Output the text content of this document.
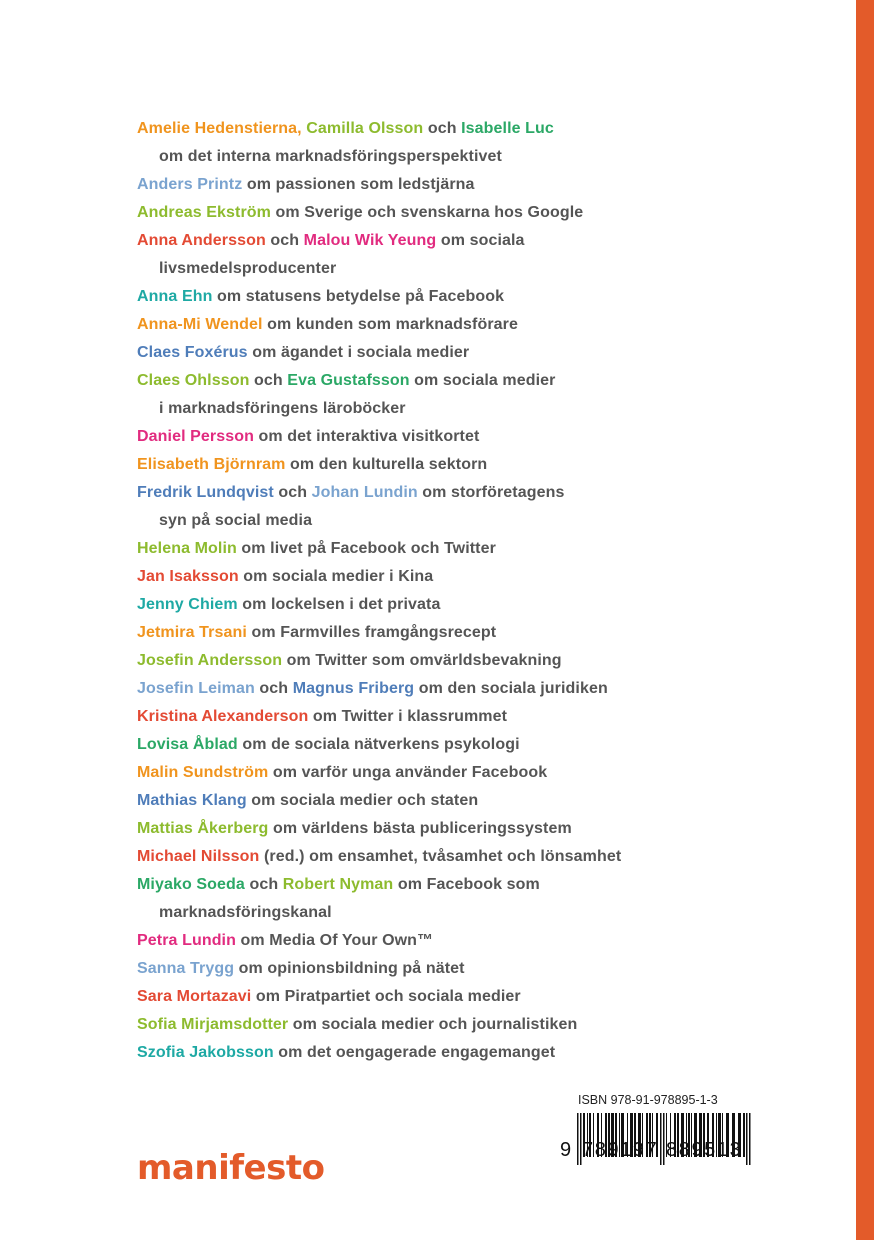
Amelie Hedenstierna, Camilla Olsson och Isabelle Luc
om det interna marknadsföringsperspektivet
Anders Printz om passionen som ledstjärna
Andreas Ekström om Sverige och svenskarna hos Google
Anna Andersson och Malou Wik Yeung om sociala
livsmedelsproducenter
Anna Ehn om statusens betydelse på Facebook
Anna-Mi Wendel om kunden som marknadsförare
Claes Foxérus om ägandet i sociala medier
Claes Ohlsson och Eva Gustafsson om sociala medier
i marknadsföringens läroböcker
Daniel Persson om det interaktiva visitkortet
Elisabeth Björnram om den kulturella sektorn
Fredrik Lundqvist och Johan Lundin om storföretagens
syn på social media
Helena Molin om livet på Facebook och Twitter
Jan Isaksson om sociala medier i Kina
Jenny Chiem om lockelsen i det privata
Jetmira Trsani om Farmvilles framgångsrecept
Josefin Andersson om Twitter som omvärldsbevakning
Josefin Leiman och Magnus Friberg om den sociala juridiken
Kristina Alexanderson om Twitter i klassrummet
Lovisa Åblad om de sociala nätverkens psykologi
Malin Sundström om varför unga använder Facebook
Mathias Klang om sociala medier och staten
Mattias Åkerberg om världens bästa publiceringssystem
Michael Nilsson (red.) om ensamhet, tvåsamhet och lönsamhet
Miyako Soeda och Robert Nyman om Facebook som
marknadsföringskanal
Petra Lundin om Media Of Your Own™
Sanna Trygg om opinionsbildning på nätet
Sara Mortazavi om Piratpartiet och sociala medier
Sofia Mirjamsdotter om sociala medier och journalistiken
Szofia Jakobsson om det oengagerade engagemanget
ISBN 978-91-978895-1-3
9 789197 889513
manifesto
